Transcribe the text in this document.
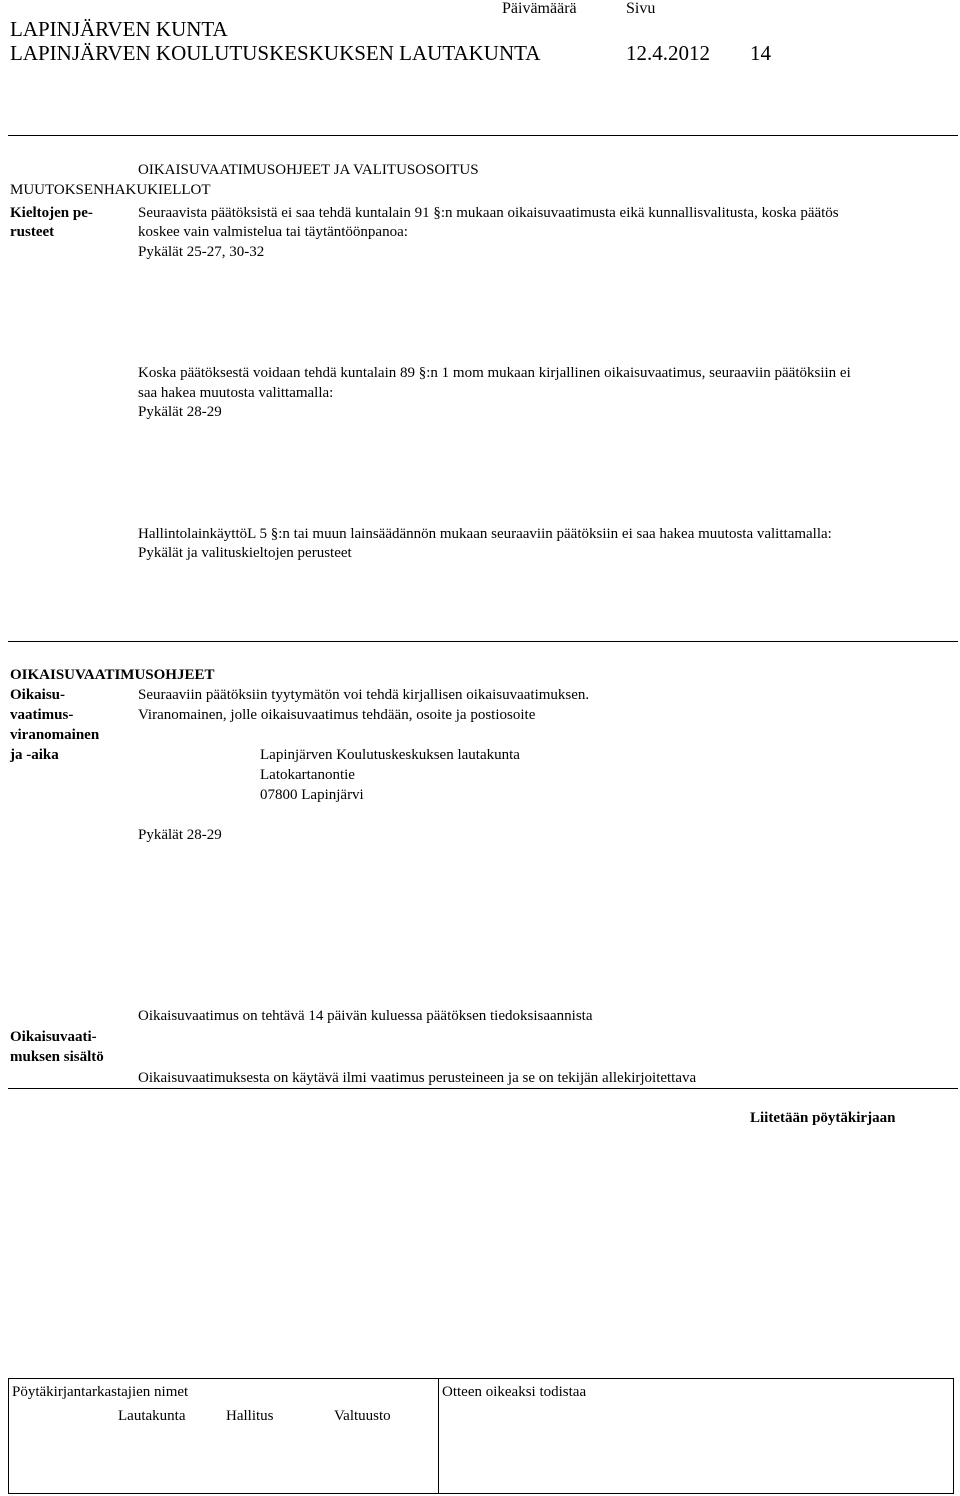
LAPINJÄRVEN KUNTA
LAPINJÄRVEN KOULUTUSKESKUKSEN LAUTAKUNTA
Päivämäärä	Sivu
12.4.2012 14
OIKAISUVAATIMUSOHJEET JA VALITUSOSOITUS
MUUTOKSENHAKUKIELLOT
Kieltojen pe-
rusteet
Seuraavista päätöksistä ei saa tehdä kuntalain 91 §:n mukaan oikaisuvaatimusta eikä kunnallisvalitusta, koska päätös
koskee vain valmistelua tai täytäntöönpanoa:
Pykälät 25-27, 30-32
Koska päätöksestä voidaan tehdä kuntalain 89 §:n 1 mom mukaan kirjallinen oikaisuvaatimus, seuraaviin päätöksiin ei
saa hakea muutosta valittamalla:
Pykälät 28-29
HallintolainkäyttöL 5 §:n tai muun lainsäädännön mukaan seuraaviin päätöksiin ei saa hakea muutosta valittamalla:
Pykälät ja valituskieltojen perusteet
OIKAISUVAATIMUSOHJEET
Oikaisu-
vaatimus-
viranomainen
ja -aika
Seuraaviin päätöksiin tyytymätön voi tehdä kirjallisen oikaisuvaatimuksen.
Viranomainen, jolle oikaisuvaatimus tehdään, osoite ja postiosoite
Lapinjärven Koulutuskeskuksen lautakunta
Latokartanontie
07800 Lapinjärvi
Pykälät 28-29
Oikaisuvaatimus on tehtävä 14 päivän kuluessa päätöksen tiedoksisaannista
Oikaisuvaati-
muksen sisältö
Oikaisuvaatimuksesta on käytävä ilmi vaatimus perusteineen ja se on tekijän allekirjoitettava
Liitetään pöytäkirjaan
Pöytäkirjantarkastajien nimet
Lautakunta	Hallitus	Valtuusto
Otteen oikeaksi todistaa
